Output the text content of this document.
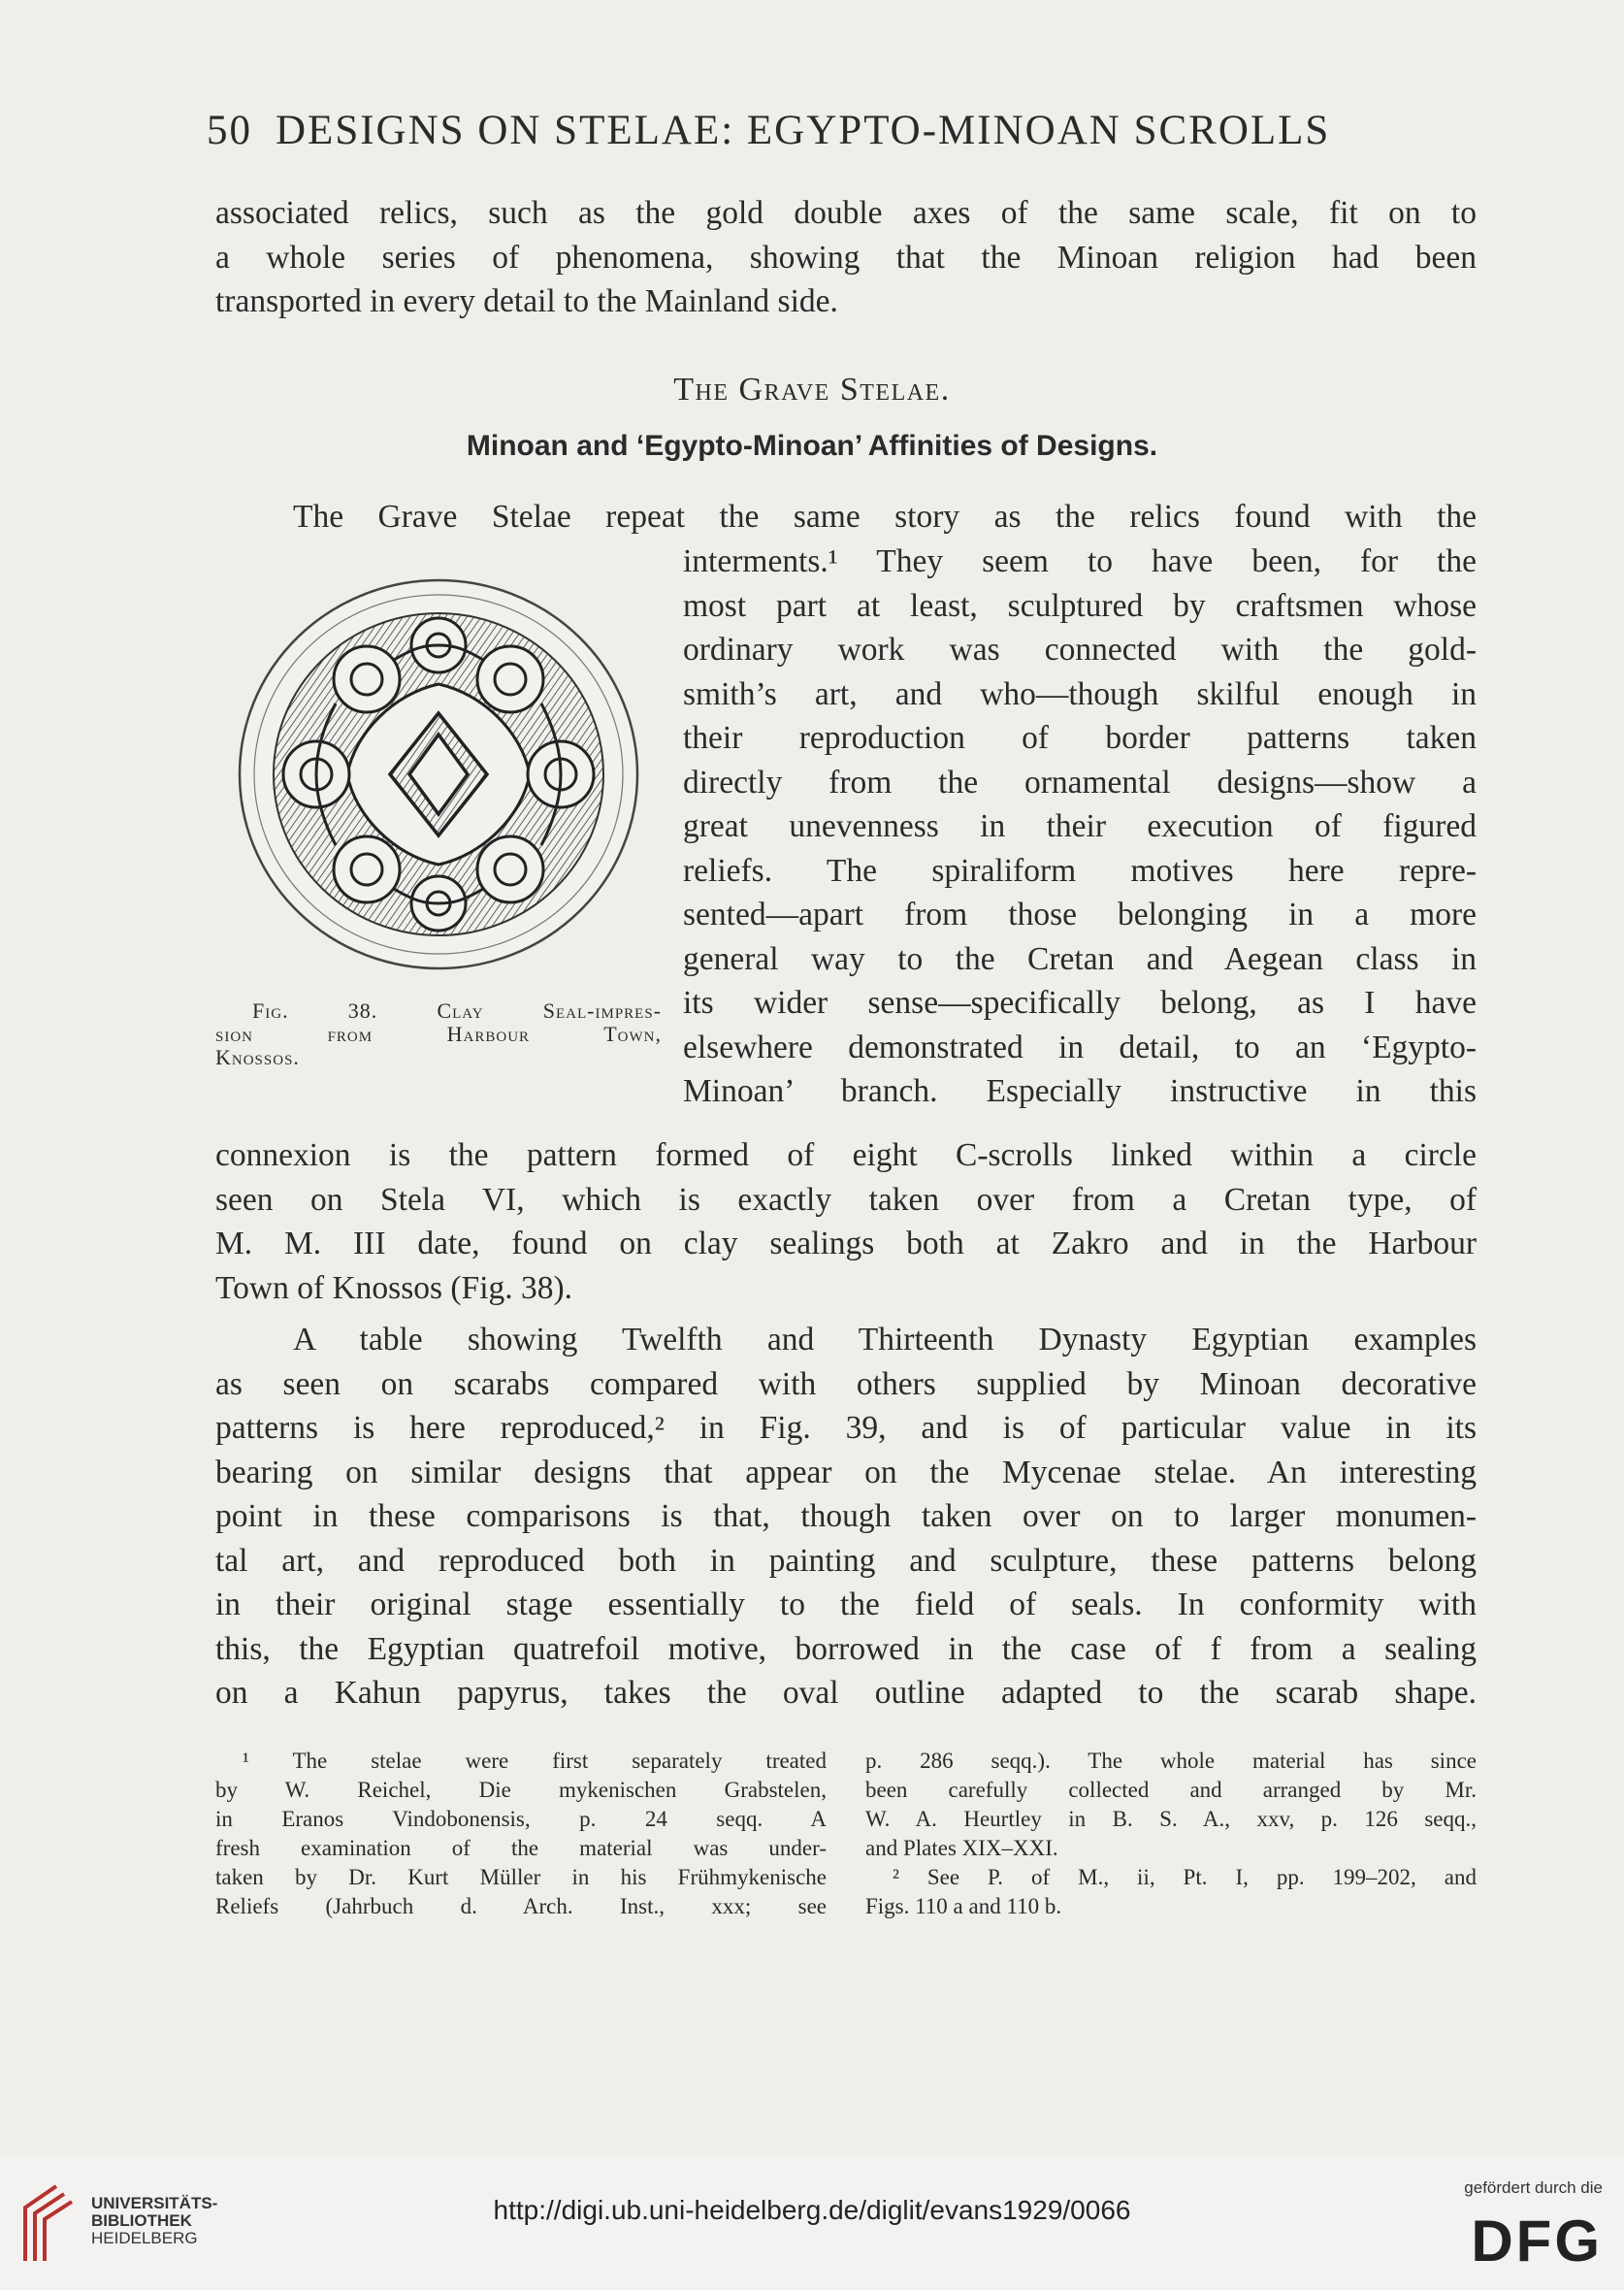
50 DESIGNS ON STELAE: EGYPTO-MINOAN SCROLLS
associated relics, such as the gold double axes of the same scale, fit on to
a whole series of phenomena, showing that the Minoan religion had been
transported in every detail to the Mainland side.
The Grave Stelae.
Minoan and ‘Egypto-Minoan’ Affinities of Designs.
The Grave Stelae repeat the same story as the relics found with the
interments.¹ They seem to have been, for the
most part at least, sculptured by craftsmen whose
ordinary work was connected with the gold-
smith’s art, and who—though skilful enough in
their reproduction of border patterns taken
directly from the ornamental designs—show a
great unevenness in their execution of figured
reliefs. The spiraliform motives here repre-
sented—apart from those belonging in a more
general way to the Cretan and Aegean class in
its wider sense—specifically belong, as I have
elsewhere demonstrated in detail, to an ‘Egypto-
Minoan’ branch. Especially instructive in this
Fig. 38. Clay Seal-impres-
sion from Harbour Town,
Knossos.
connexion is the pattern formed of eight C-scrolls linked within a circle
seen on Stela VI, which is exactly taken over from a Cretan type, of
M. M. III date, found on clay sealings both at Zakro and in the Harbour
Town of Knossos (Fig. 38).
A table showing Twelfth and Thirteenth Dynasty Egyptian examples
as seen on scarabs compared with others supplied by Minoan decorative
patterns is here reproduced,² in Fig. 39, and is of particular value in its
bearing on similar designs that appear on the Mycenae stelae. An interesting
point in these comparisons is that, though taken over on to larger monumen-
tal art, and reproduced both in painting and sculpture, these patterns belong
in their original stage essentially to the field of seals. In conformity with
this, the Egyptian quatrefoil motive, borrowed in the case of f from a sealing
on a Kahun papyrus, takes the oval outline adapted to the scarab shape.
¹ The stelae were first separately treated
by W. Reichel, Die mykenischen Grabstelen,
in Eranos Vindobonensis, p. 24 seqq. A
fresh examination of the material was under-
taken by Dr. Kurt Müller in his Frühmykenische
Reliefs (Jahrbuch d. Arch. Inst., xxx; see
p. 286 seqq.). The whole material has since
been carefully collected and arranged by Mr.
W. A. Heurtley in B. S. A., xxv, p. 126 seqq.,
and Plates XIX–XXI.
² See P. of M., ii, Pt. I, pp. 199–202, and
Figs. 110 a and 110 b.
UNIVERSITÄTS-
BIBLIOTHEK
HEIDELBERG
http://digi.ub.uni-heidelberg.de/diglit/evans1929/0066
gefördert durch die
DFG
